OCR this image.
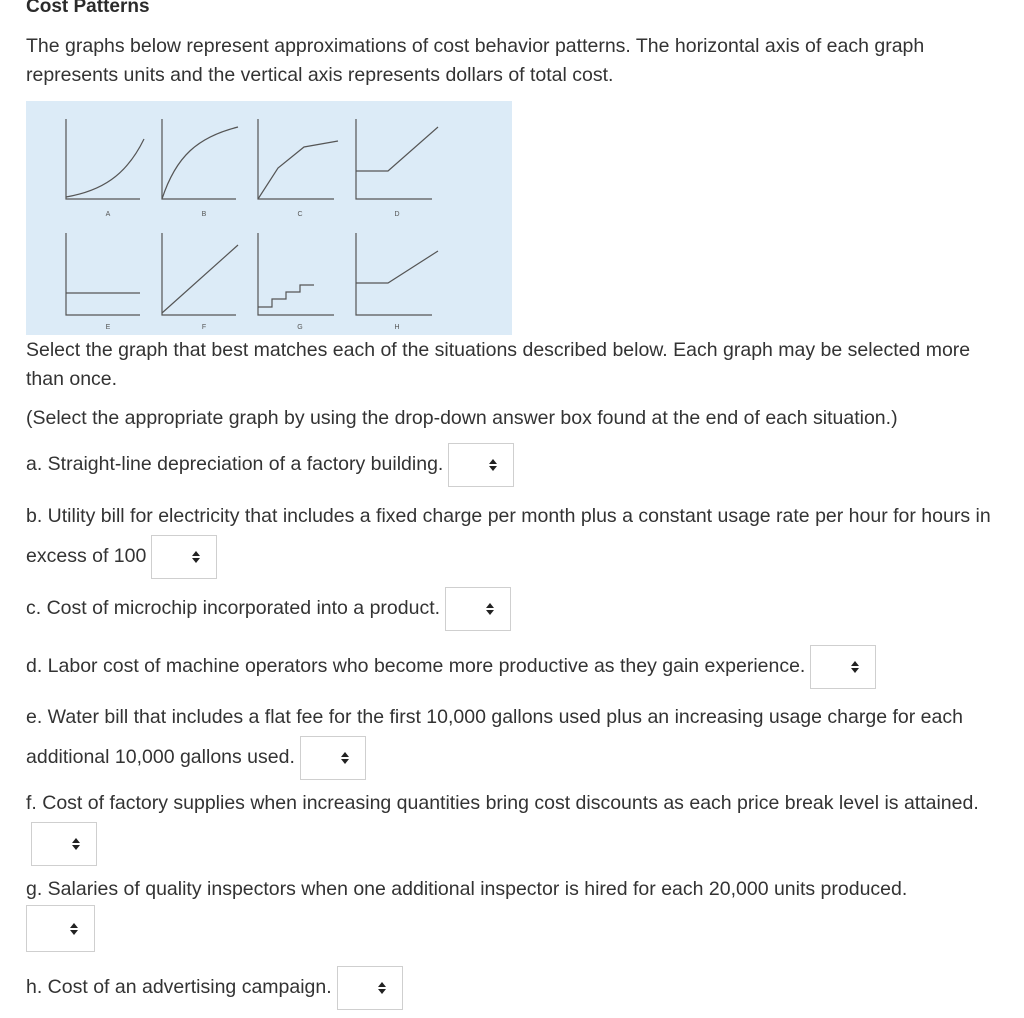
Cost Patterns

The graphs below represent approximations of cost behavior patterns. The horizontal axis of each graph represents units and the vertical axis represents dollars of total cost.

A	B	C	D
E	F	G	H

Select the graph that best matches each of the situations described below. Each graph may be selected more than once.

(Select the appropriate graph by using the drop-down answer box found at the end of each situation.)

a. Straight-line depreciation of a factory building.
b. Utility bill for electricity that includes a fixed charge per month plus a constant usage rate per hour for hours in excess of 100
c. Cost of microchip incorporated into a product.
d. Labor cost of machine operators who become more productive as they gain experience.
e. Water bill that includes a flat fee for the first 10,000 gallons used plus an increasing usage charge for each additional 10,000 gallons used.
f. Cost of factory supplies when increasing quantities bring cost discounts as each price break level is attained.
g. Salaries of quality inspectors when one additional inspector is hired for each 20,000 units produced.
h. Cost of an advertising campaign.
